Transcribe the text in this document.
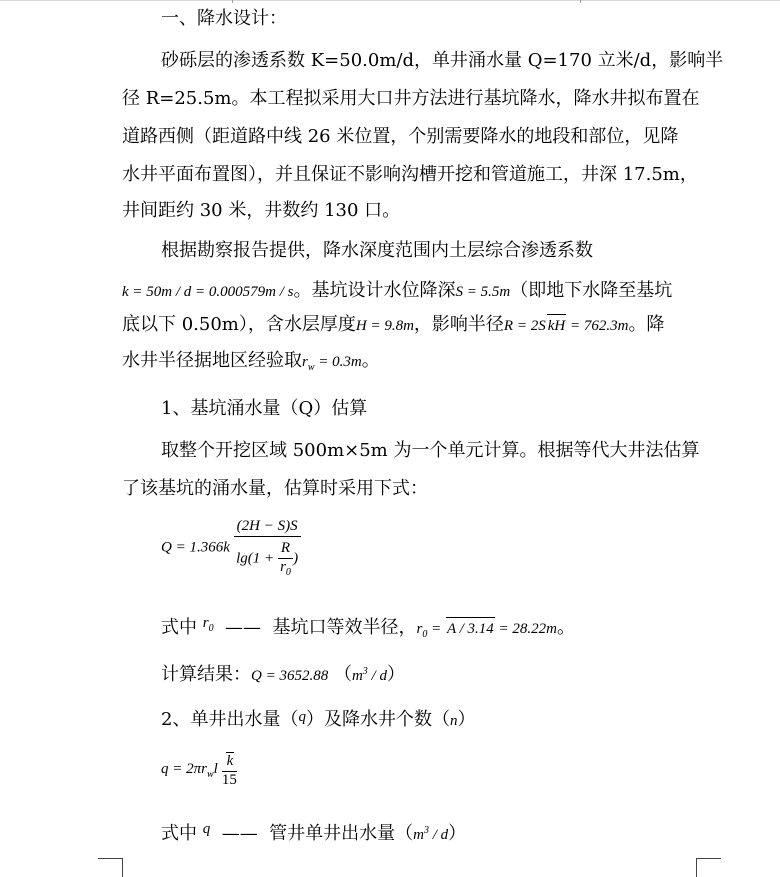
一、降水设计：
砂砾层的渗透系数 K=50.0m/d，单井涌水量 Q=170 立米/d，影响半
径 R=25.5m。本工程拟采用大口井方法进行基坑降水，降水井拟布置在
道路西侧（距道路中线 26 米位置，个别需要降水的地段和部位，见降
水井平面布置图），并且保证不影响沟槽开挖和管道施工，井深 17.5m，
井间距约 30 米，井数约 130 口。
根据勘察报告提供，降水深度范围内土层综合渗透系数
k = 50m / d = 0.000579m / s。基坑设计水位降深S = 5.5m（即地下水降至基坑
底以下 0.50m），含水层厚度H = 9.8m，影响半径R = 2S kH = 762.3m。降
水井半径据地区经验取$r_w = 0.3m$。
1、基坑涌水量（Q）估算
取整个开挖区域 500m×5m 为一个单元计算。根据等代大井法估算
了该基坑的涌水量，估算时采用下式：
$Q = 1.366k \frac{(2H - S)S}{\lg(1 + \frac{R}{r_0} )}$
式中 $^{r_0}$ —— 基坑口等效半径，$r_0 = A / 3.14 = 28.22m$。
计算结果：Q = 3652.88 $(m^3 / d)$
2、单井出水量（$^q$）及降水井个数（n）
$q = 2\pi r_wl \frac{k}{15}$
式中 $^q$ —— 管井单井出水量$(m^3 / d)$
